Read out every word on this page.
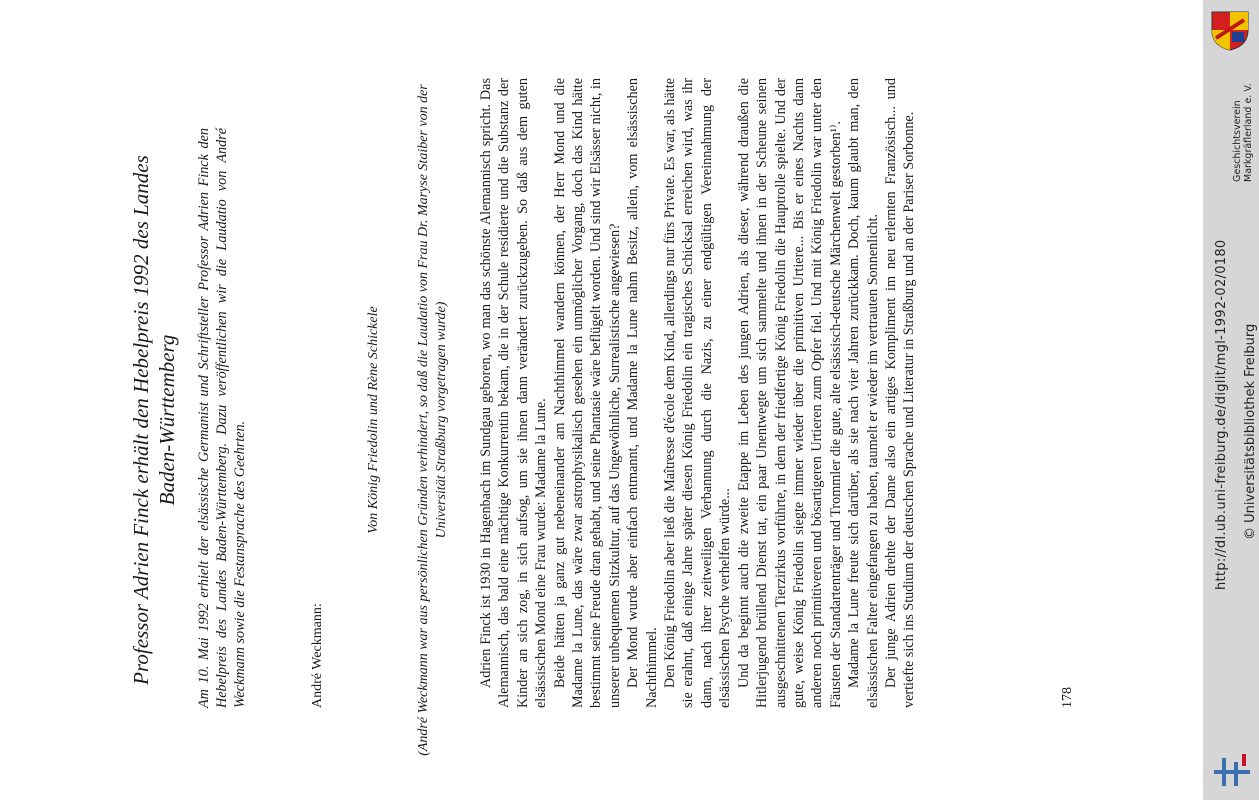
Professor Adrien Finck erhält den Hebelpreis 1992 des Landes Baden-Württemberg Am 10. Mai 1992 erhielt der elsässische Germanist und Schriftsteller Professor Adrien Finck den Hebelpreis des Landes Baden-Württemberg. Dazu veröffentlichen wir die Laudatio von André Weckmann sowie die Festansprache des Geehrten.	André Weckmann:
Von König Friedolin und Rène Schickele	(André Weckmann war aus persönlichen Gründen verhindert, so daß die Laudatio von Frau Dr. Maryse Staiber von der Universität Straßburg vorgetragen wurde) Adrien Finck ist 1930 in Hagenbach im Sundgau geboren, wo man das schönste Alemannisch spricht. Das Alemannisch, das bald eine mächtige Konkurrentin bekam, die in der Schule residierte und die Substanz der Kinder an sich zog, in sich aufsog, um sie ihnen dann verändert zurückzugeben. So daß aus dem guten elsässischen Mond eine Frau wurde: Madame la Lune. Beide hätten ja ganz gut nebeneinander am Nachthimmel wandern können, der Herr Mond und die Madame la Lune, das wäre zwar astrophysikalisch gesehen ein unmöglicher Vorgang, doch das Kind hätte bestimmt seine Freude dran gehabt, und seine Phantasie wäre beflügelt worden. Und sind wir Elsässer nicht, in unserer unbequemen Sitzkultur, auf das Ungewöhnliche, Surrealistische angewiesen? Der Mond wurde aber einfach entmannt, und Madame la Lune nahm Besitz, allein, vom elsässischen Nachthimmel. Den König Friedolin aber ließ die Maîtresse d'école dem Kind, allerdings nur fürs Private. Es war, als hätte sie erahnt, daß einige Jahre später diesen König Friedolin ein tragisches Schicksal erreichen wird, was ihr dann, nach ihrer zeitweiligen Verbannung durch die Nazis, zu einer endgültigen Vereinnahmung der elsässischen Psyche verhelfen würde... Und da beginnt auch die zweite Etappe im Leben des jungen Adrien, als dieser, während draußen die Hitlerjugend brüllend Dienst tat, ein paar Unentwegte um sich sammelte und ihnen in der Scheune seinen ausgeschnittenen Tierzirkus vorführte, in dem der friedfertige König Friedolin die Hauptrolle spielte. Und der gute, weise König Friedolin siegte immer wieder über die primitiven Urtiere... Bis er eines Nachts dann anderen noch primitiveren und bösartigeren Urtieren zum Opfer fiel. Und mit König Friedolin war unter den Fäusten der Standartenträger und Trommler die gute, alte elsässisch-deutsche Märchenwelt gestorben¹⁾. Madame la Lune freute sich darüber, als sie nach vier Jahren zurückkam. Doch, kaum glaubt man, den elsässischen Falter eingefangen zu haben, taumelt er wieder im vertrauten Sonnenlicht. Der junge Adrien drehte der Dame also ein artiges Kompliment im neu erlernten Französisch... und vertiefte sich ins Studium der deutschen Sprache und Literatur in Straßburg und an der Pariser Sorbonne.	178
http://dl.ub.uni-freiburg.de/diglit/mgl-1992-02/0180 © Universitätsbibliothek Freiburg
Geschichtsverein Markgräflerland e. V.
